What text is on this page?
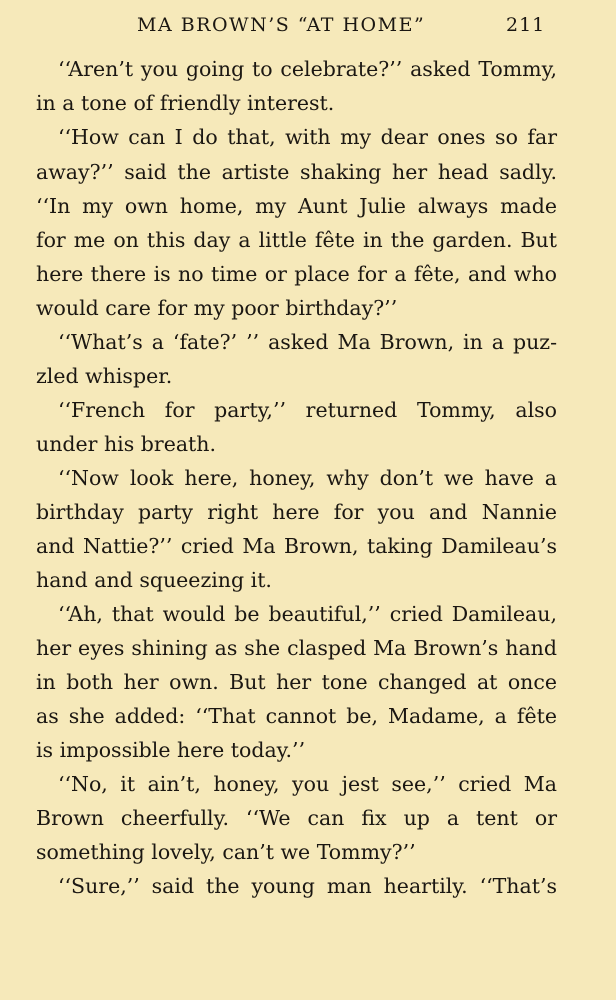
MA BROWN’S “AT HOME”	211
‘‘Aren’t you going to celebrate?’’ asked Tommy,
in a tone of friendly interest.
‘‘How can I do that, with my dear ones so far
away?’’ said the artiste shaking her head sadly.
‘‘In my own home, my Aunt Julie always made
for me on this day a little fête in the garden. But
here there is no time or place for a fête, and who
would care for my poor birthday?’’
‘‘What’s a ‘fate?’ ’’ asked Ma Brown, in a puz-
zled whisper.
‘‘French for party,’’ returned Tommy, also
under his breath.
‘‘Now look here, honey, why don’t we have a
birthday party right here for you and Nannie
and Nattie?’’ cried Ma Brown, taking Damileau’s
hand and squeezing it.
‘‘Ah, that would be beautiful,’’ cried Damileau,
her eyes shining as she clasped Ma Brown’s hand
in both her own. But her tone changed at once
as she added: ‘‘That cannot be, Madame, a fête
is impossible here today.’’
‘‘No, it ain’t, honey, you jest see,’’ cried Ma
Brown cheerfully. ‘‘We can fix up a tent or
something lovely, can’t we Tommy?’’
‘‘Sure,’’ said the young man heartily. ‘‘That’s
